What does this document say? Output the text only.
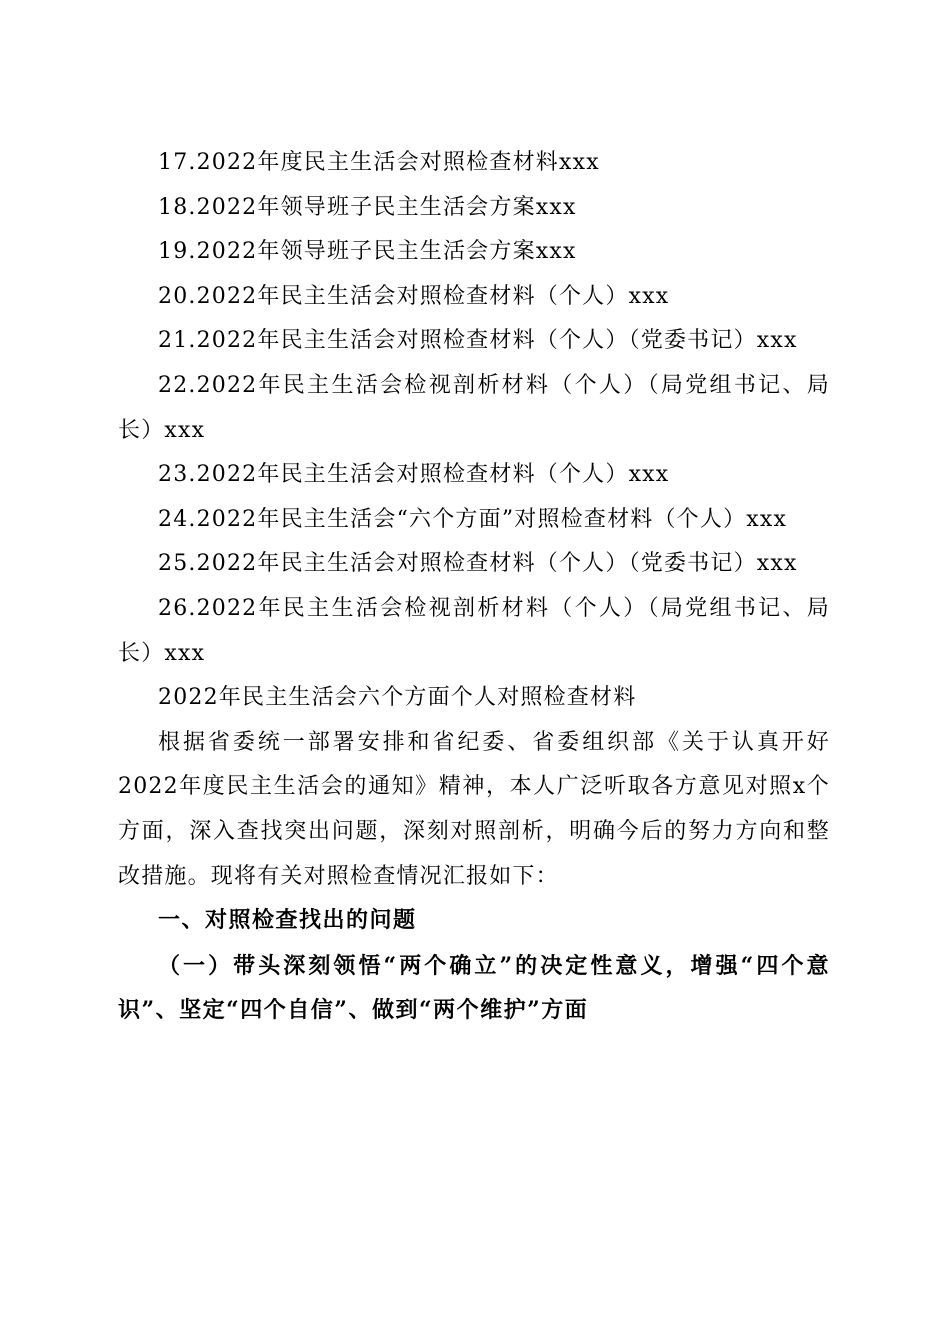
17.2022年度民主生活会对照检查材料xxx

18.2022年领导班子民主生活会方案xxx

19.2022年领导班子民主生活会方案xxx

20.2022年民主生活会对照检查材料（个人）xxx

21.2022年民主生活会对照检查材料（个人）（党委书记）xxx

22.2022年民主生活会检视剖析材料（个人）（局党组书记、局长）xxx

23.2022年民主生活会对照检查材料（个人）xxx

24.2022年民主生活会“六个方面”对照检查材料（个人）xxx

25.2022年民主生活会对照检查材料（个人）（党委书记）xxx

26.2022年民主生活会检视剖析材料（个人）（局党组书记、局长）xxx

2022年民主生活会六个方面个人对照检查材料

根据省委统一部署安排和省纪委、省委组织部《关于认真开好2022年度民主生活会的通知》精神，本人广泛听取各方意见对照x个方面，深入查找突出问题，深刻对照剖析，明确今后的努力方向和整改措施。现将有关对照检查情况汇报如下：

一、对照检查找出的问题

（一）带头深刻领悟“两个确立”的决定性意义，增强“四个意识”、坚定“四个自信”、做到“两个维护”方面
